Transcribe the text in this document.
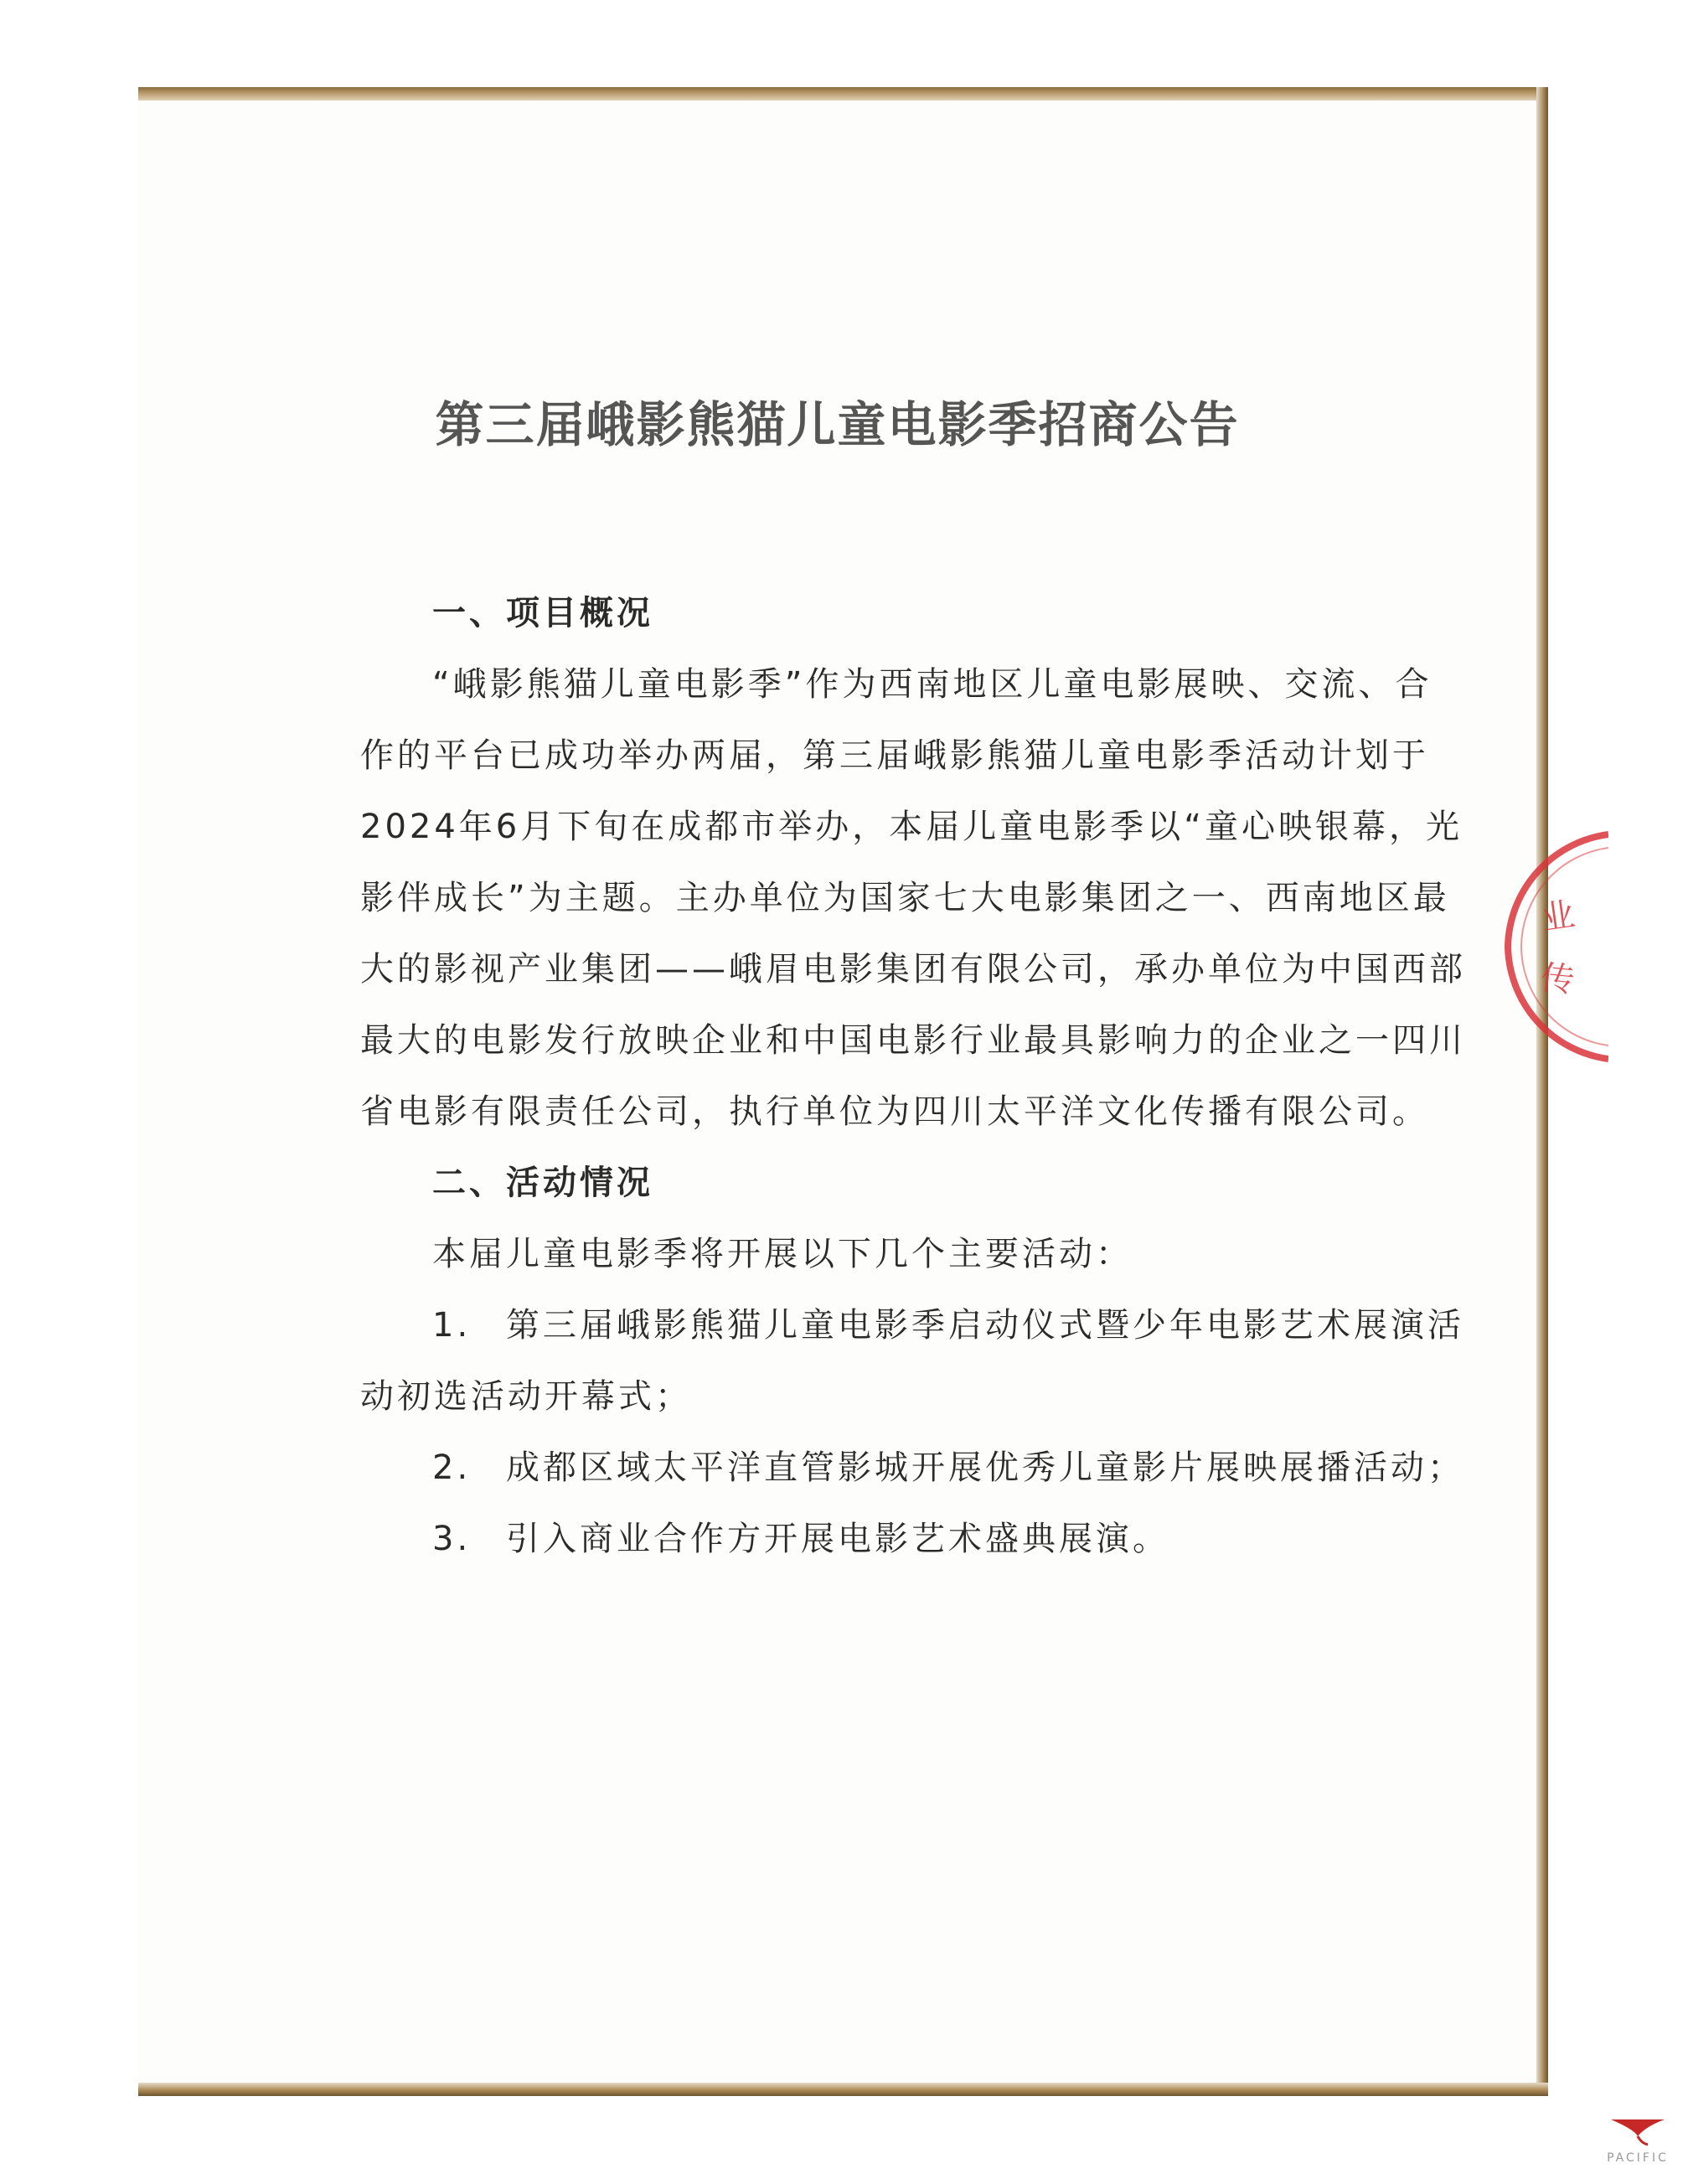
第三届峨影熊猫儿童电影季招商公告
一、项目概况

“峨影熊猫儿童电影季”作为西南地区儿童电影展映、交流、合作的平台已成功举办两届，第三届峨影熊猫儿童电影季活动计划于2024年6月下旬在成都市举办，本届儿童电影季以“童心映银幕，光影伴成长”为主题。主办单位为国家七大电影集团之一、西南地区最大的影视产业集团——峨眉电影集团有限公司，承办单位为中国西部最大的电影发行放映企业和中国电影行业最具影响力的企业之一四川省电影有限责任公司，执行单位为四川太平洋文化传播有限公司。

二、活动情况

本届儿童电影季将开展以下几个主要活动：

1. 第三届峨影熊猫儿童电影季启动仪式暨少年电影艺术展演活动初选活动开幕式；

2. 成都区域太平洋直管影城开展优秀儿童影片展映展播活动；

3. 引入商业合作方开展电影艺术盛典展演。

业
传
PACIFIC
